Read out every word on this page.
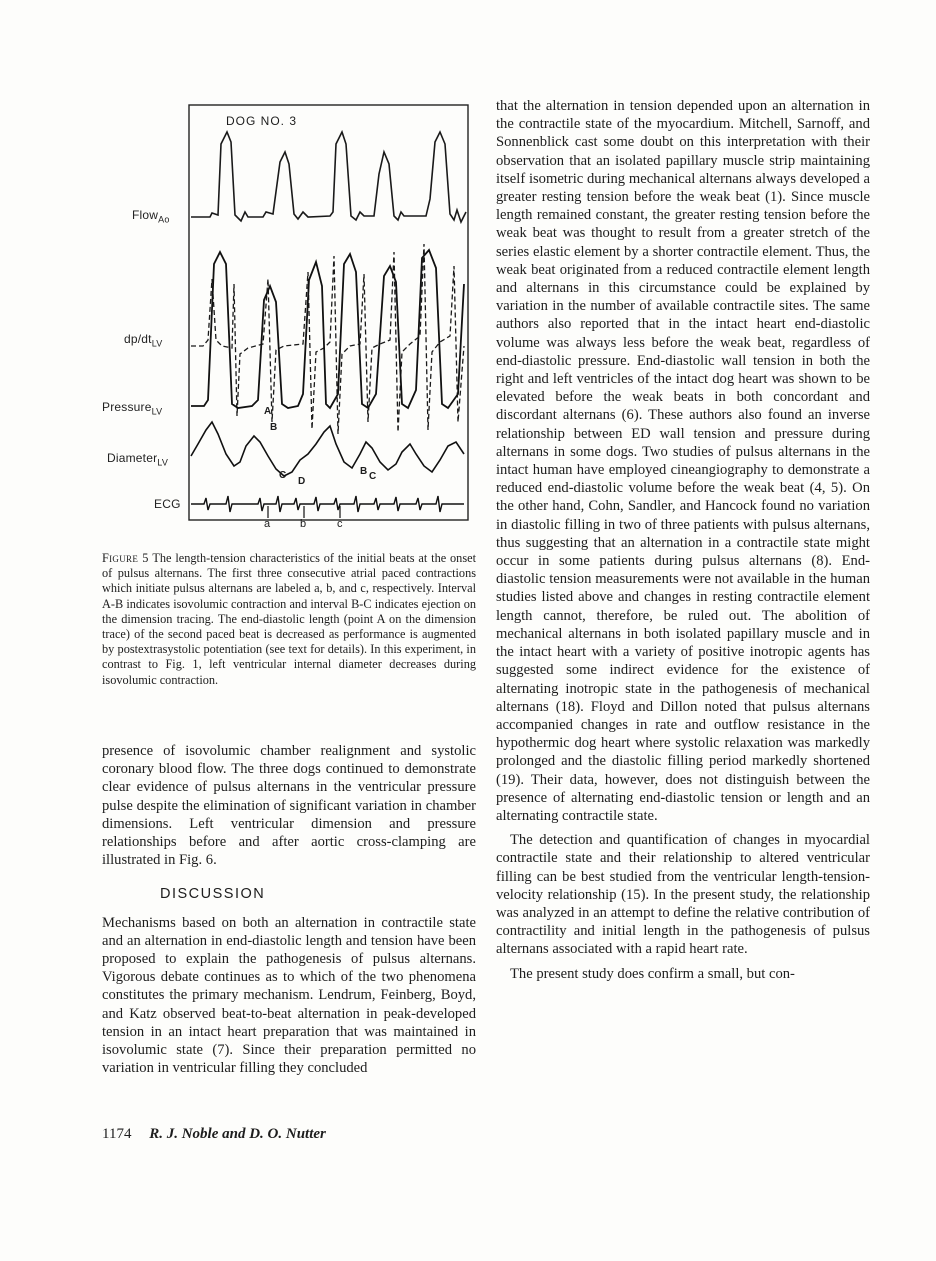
DOG NO. 3
Flow$_{Ao}$
$dp/dt_{LV}$
Pressure$_{LV}$
Diameter$_{LV}$
ECG
A
B
C
D
B C
a	b	c
Figure 5 The length-tension characteristics of the initial beats at the onset of pulsus alternans. The first three consecutive atrial paced contractions which initiate pulsus alternans are labeled a, b, and c, respectively. Interval A-B indicates isovolumic contraction and interval B-C indicates ejection on the dimension tracing. The end-diastolic length (point A on the dimension trace) of the second paced beat is decreased as performance is augmented by postextrasystolic potentiation (see text for details). In this experiment, in contrast to Fig. 1, left ventricular internal diameter decreases during isovolumic contraction.

presence of isovolumic chamber realignment and systolic coronary blood flow. The three dogs continued to demonstrate clear evidence of pulsus alternans in the ventricular pressure pulse despite the elimination of significant variation in chamber dimensions. Left ventricular dimension and pressure relationships before and after aortic cross-clamping are illustrated in Fig. 6.

DISCUSSION

Mechanisms based on both an alternation in contractile state and an alternation in end-diastolic length and tension have been proposed to explain the pathogenesis of pulsus alternans. Vigorous debate continues as to which of the two phenomena constitutes the primary mechanism. Lendrum, Feinberg, Boyd, and Katz observed beat-to-beat alternation in peak-developed tension in an intact heart preparation that was maintained in isovolumic state (7). Since their preparation permitted no variation in ventricular filling they concluded

that the alternation in tension depended upon an alternation in the contractile state of the myocardium. Mitchell, Sarnoff, and Sonnenblick cast some doubt on this interpretation with their observation that an isolated papillary muscle strip maintaining itself isometric during mechanical alternans always developed a greater resting tension before the weak beat (1). Since muscle length remained constant, the greater resting tension before the weak beat was thought to result from a greater stretch of the series elastic element by a shorter contractile element. Thus, the weak beat originated from a reduced contractile element length and alternans in this circumstance could be explained by variation in the number of available contractile sites. The same authors also reported that in the intact heart end-diastolic volume was always less before the weak beat, regardless of end-diastolic pressure. End-diastolic wall tension in both the right and left ventricles of the intact dog heart was shown to be elevated before the weak beats in both concordant and discordant alternans (6). These authors also found an inverse relationship between ED wall tension and pressure during alternans in some dogs. Two studies of pulsus alternans in the intact human have employed cineangiography to demonstrate a reduced end-diastolic volume before the weak beat (4, 5). On the other hand, Cohn, Sandler, and Hancock found no variation in diastolic filling in two of three patients with pulsus alternans, thus suggesting that an alternation in a contractile state might occur in some patients during pulsus alternans (8). End-diastolic tension measurements were not available in the human studies listed above and changes in resting contractile element length cannot, therefore, be ruled out. The abolition of mechanical alternans in both isolated papillary muscle and in the intact heart with a variety of positive inotropic agents has suggested some indirect evidence for the existence of alternating inotropic state in the pathogenesis of mechanical alternans (18). Floyd and Dillon noted that pulsus alternans accompanied changes in rate and outflow resistance in the hypothermic dog heart where systolic relaxation was markedly prolonged and the diastolic filling period markedly shortened (19). Their data, however, does not distinguish between the presence of alternating end-diastolic tension or length and an alternating contractile state.

The detection and quantification of changes in myocardial contractile state and their relationship to altered ventricular filling can be best studied from the ventricular length-tension-velocity relationship (15). In the present study, the relationship was analyzed in an attempt to define the relative contribution of contractility and initial length in the pathogenesis of pulsus alternans associated with a rapid heart rate.

The present study does confirm a small, but con-

1174 R. J. Noble and D. O. Nutter
